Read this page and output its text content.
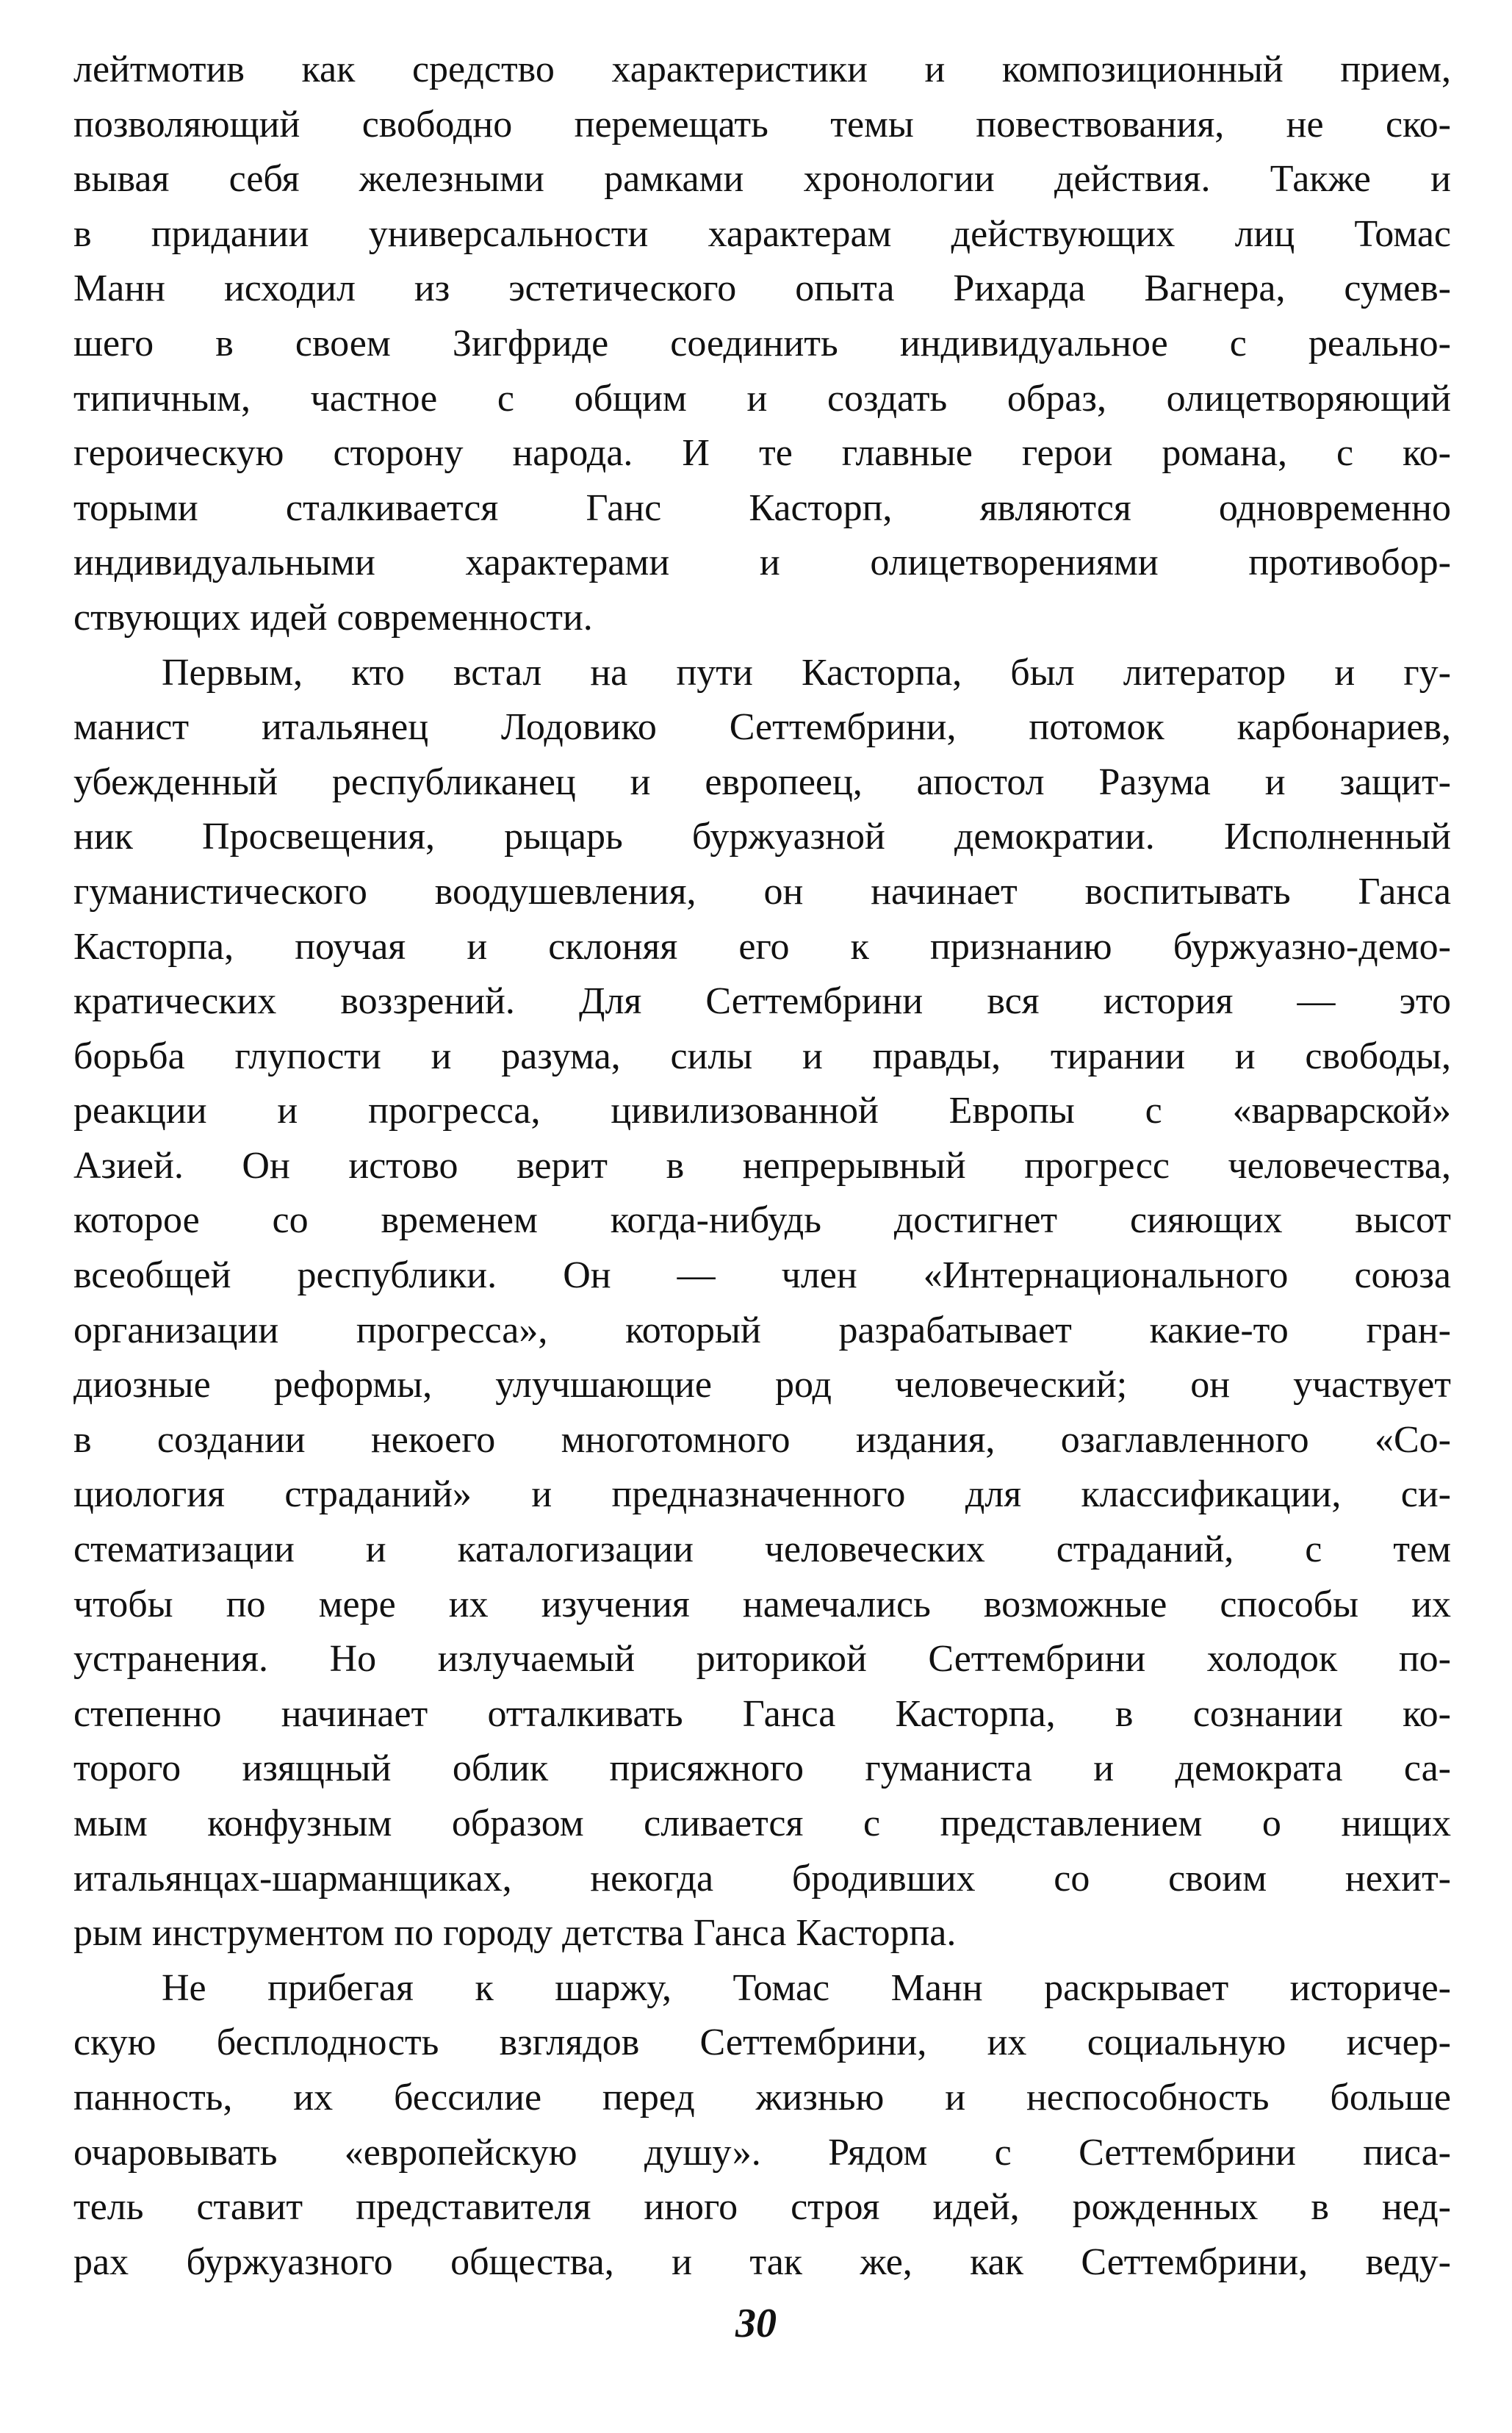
лейтмотив как средство характеристики и композиционный прием,
позволяющий свободно перемещать темы повествования, не ско-
вывая себя железными рамками хронологии действия. Также и
в придании универсальности характерам действующих лиц Томас
Манн исходил из эстетического опыта Рихарда Вагнера, сумев-
шего в своем Зигфриде соединить индивидуальное с реально-
типичным, частное с общим и создать образ, олицетворяющий
героическую сторону народа. И те главные герои романа, с ко-
торыми сталкивается Ганс Касторп, являются одновременно
индивидуальными характерами и олицетворениями противобор-
ствующих идей современности.
Первым, кто встал на пути Касторпа, был литератор и гу-
манист итальянец Лодовико Сеттембрини, потомок карбонариев,
убежденный республиканец и европеец, апостол Разума и защит-
ник Просвещения, рыцарь буржуазной демократии. Исполненный
гуманистического воодушевления, он начинает воспитывать Ганса
Касторпа, поучая и склоняя его к признанию буржуазно-демо-
кратических воззрений. Для Сеттембрини вся история — это
борьба глупости и разума, силы и правды, тирании и свободы,
реакции и прогресса, цивилизованной Европы с «варварской»
Азией. Он истово верит в непрерывный прогресс человечества,
которое со временем когда-нибудь достигнет сияющих высот
всеобщей республики. Он — член «Интернационального союза
организации прогресса», который разрабатывает какие-то гран-
диозные реформы, улучшающие род человеческий; он участвует
в создании некоего многотомного издания, озаглавленного «Со-
циология страданий» и предназначенного для классификации, си-
стематизации и каталогизации человеческих страданий, с тем
чтобы по мере их изучения намечались возможные способы их
устранения. Но излучаемый риторикой Сеттембрини холодок по-
степенно начинает отталкивать Ганса Касторпа, в сознании ко-
торого изящный облик присяжного гуманиста и демократа са-
мым конфузным образом сливается с представлением о нищих
итальянцах-шарманщиках, некогда бродивших со своим нехит-
рым инструментом по городу детства Ганса Касторпа.
Не прибегая к шаржу, Томас Манн раскрывает историче-
скую бесплодность взглядов Сеттембрини, их социальную исчер-
панность, их бессилие перед жизнью и неспособность больше
очаровывать «европейскую душу». Рядом с Сеттембрини писа-
тель ставит представителя иного строя идей, рожденных в нед-
рах буржуазного общества, и так же, как Сеттембрини, веду-
30
